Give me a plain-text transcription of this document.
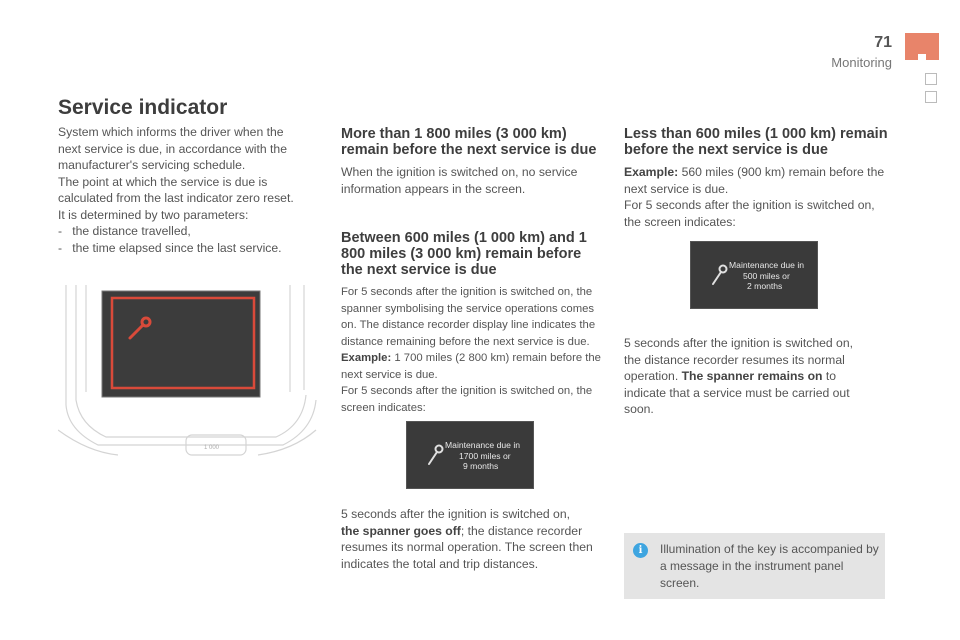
71
Monitoring
Service indicator
System which informs the driver when the next service is due, in accordance with the manufacturer's servicing schedule.
The point at which the service is due is calculated from the last indicator zero reset. It is determined by two parameters:
-   the distance travelled,
-   the time elapsed since the last service.
1 000
More than 1 800 miles (3 000 km) remain before the next service is due
When the ignition is switched on, no service information appears in the screen.
Between 600 miles (1 000 km) and 1 800 miles (3 000 km) remain before the next service is due
For 5 seconds after the ignition is switched on, the spanner symbolising the service operations comes on. The distance recorder display line indicates the distance remaining before the next service is due.
Example: 1 700 miles (2 800 km) remain before the next service is due.
For 5 seconds after the ignition is switched on, the screen indicates:
Maintenance due in
1700 miles or
9 months
5 seconds after the ignition is switched on,
the spanner goes off; the distance recorder resumes its normal operation. The screen then indicates the total and trip distances.
Less than 600 miles (1 000 km) remain before the next service is due
Example: 560 miles (900 km) remain before the next service is due.
For 5 seconds after the ignition is switched on, the screen indicates:
Maintenance due in
500 miles or
2 months
5 seconds after the ignition is switched on, the distance recorder resumes its normal operation. The spanner remains on to indicate that a service must be carried out soon.
i	Illumination of the key is accompanied by a message in the instrument panel screen.
